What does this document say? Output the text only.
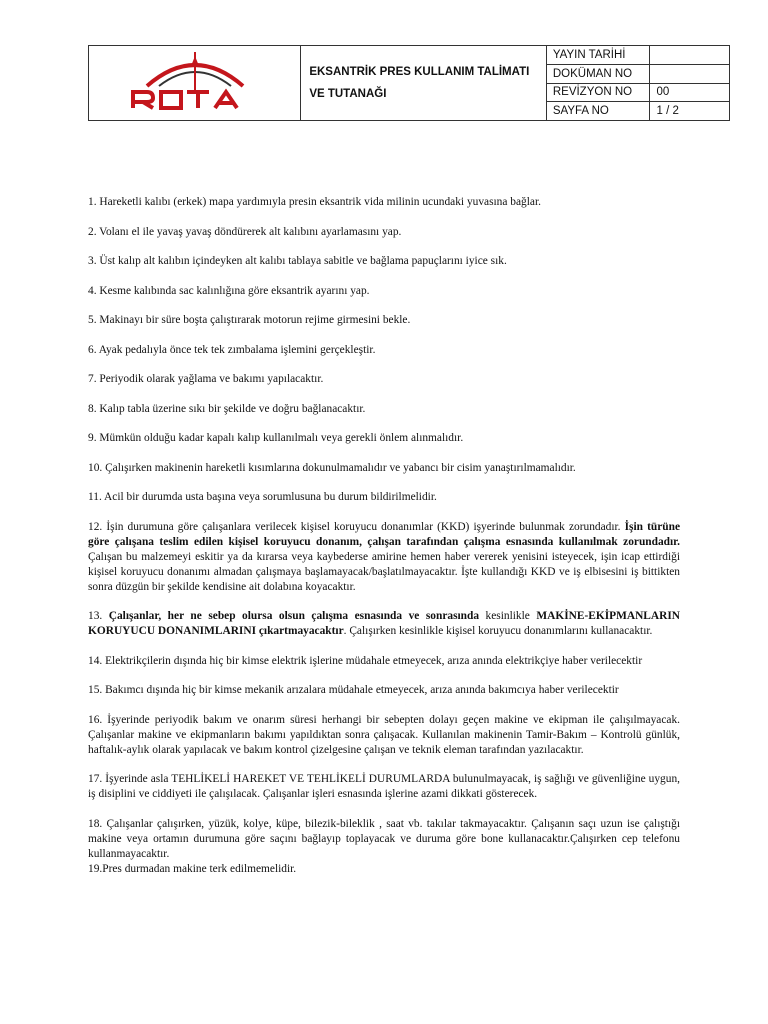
EKSANTRİK PRES KULLANIM TALİMATI
VE TUTANAĞI	YAYIN TARİHİ	
		DOKÜMAN NO	
		REVİZYON NO	00
		SAYFA NO	1 / 2

1. Hareketli kalıbı (erkek) mapa yardımıyla presin eksantrik vida milinin ucundaki yuvasına bağlar.

2. Volanı el ile yavaş yavaş döndürerek alt kalıbını ayarlamasını yap.

3. Üst kalıp alt kalıbın içindeyken alt kalıbı tablaya sabitle ve bağlama papuçlarını iyice sık.

4. Kesme kalıbında sac kalınlığına göre eksantrik ayarını yap.

5. Makinayı bir süre boşta çalıştırarak motorun rejime girmesini bekle.

6. Ayak pedalıyla önce tek tek zımbalama işlemini gerçekleştir.

7. Periyodik olarak yağlama ve bakımı yapılacaktır.

8. Kalıp tabla üzerine sıkı bir şekilde ve doğru bağlanacaktır.

9. Mümkün olduğu kadar kapalı kalıp kullanılmalı veya gerekli önlem alınmalıdır.

10. Çalışırken makinenin hareketli kısımlarına dokunulmamalıdır ve yabancı bir cisim yanaştırılmamalıdır.

11. Acil bir durumda usta başına veya sorumlusuna bu durum bildirilmelidir.

12. İşin durumuna göre çalışanlara verilecek kişisel koruyucu donanımlar (KKD) işyerinde bulunmak zorundadır. İşin türüne göre çalışana teslim edilen kişisel koruyucu donanım, çalışan tarafından çalışma esnasında kullanılmak zorundadır. Çalışan bu malzemeyi eskitir ya da kırarsa veya kaybederse amirine hemen haber vererek yenisini isteyecek, işin icap ettirdiği kişisel koruyucu donanımı almadan çalışmaya başlamayacak/başlatılmayacaktır. İşte kullandığı KKD ve iş elbisesini iş bittikten sonra düzgün bir şekilde kendisine ait dolabına koyacaktır.

13. Çalışanlar, her ne sebep olursa olsun çalışma esnasında ve sonrasında kesinlikle MAKİNE-EKİPMANLARIN KORUYUCU DONANIMLARINI çıkartmayacaktır. Çalışırken kesinlikle kişisel koruyucu donanımlarını kullanacaktır.

14. Elektrikçilerin dışında hiç bir kimse elektrik işlerine müdahale etmeyecek, arıza anında elektrikçiye haber verilecektir

15. Bakımcı dışında hiç bir kimse mekanik arızalara müdahale etmeyecek, arıza anında bakımcıya haber verilecektir

16. İşyerinde periyodik bakım ve onarım süresi herhangi bir sebepten dolayı geçen makine ve ekipman ile çalışılmayacak. Çalışanlar makine ve ekipmanların bakımı yapıldıktan sonra çalışacak. Kullanılan makinenin Tamir-Bakım – Kontrolü günlük, haftalık-aylık olarak yapılacak ve bakım kontrol çizelgesine çalışan ve teknik eleman tarafından yazılacaktır.

17. İşyerinde asla TEHLİKELİ HAREKET VE TEHLİKELİ DURUMLARDA bulunulmayacak, iş sağlığı ve güvenliğine uygun, iş disiplini ve ciddiyeti ile çalışılacak. Çalışanlar işleri esnasında işlerine azami dikkati gösterecek.

18. Çalışanlar çalışırken, yüzük, kolye, küpe, bilezik-bileklik , saat vb. takılar takmayacaktır. Çalışanın saçı uzun ise çalıştığı makine veya ortamın durumuna göre saçını bağlayıp toplayacak ve duruma göre bone kullanacaktır.Çalışırken cep telefonu kullanmayacaktır.

19.Pres durmadan makine terk edilmemelidir.
